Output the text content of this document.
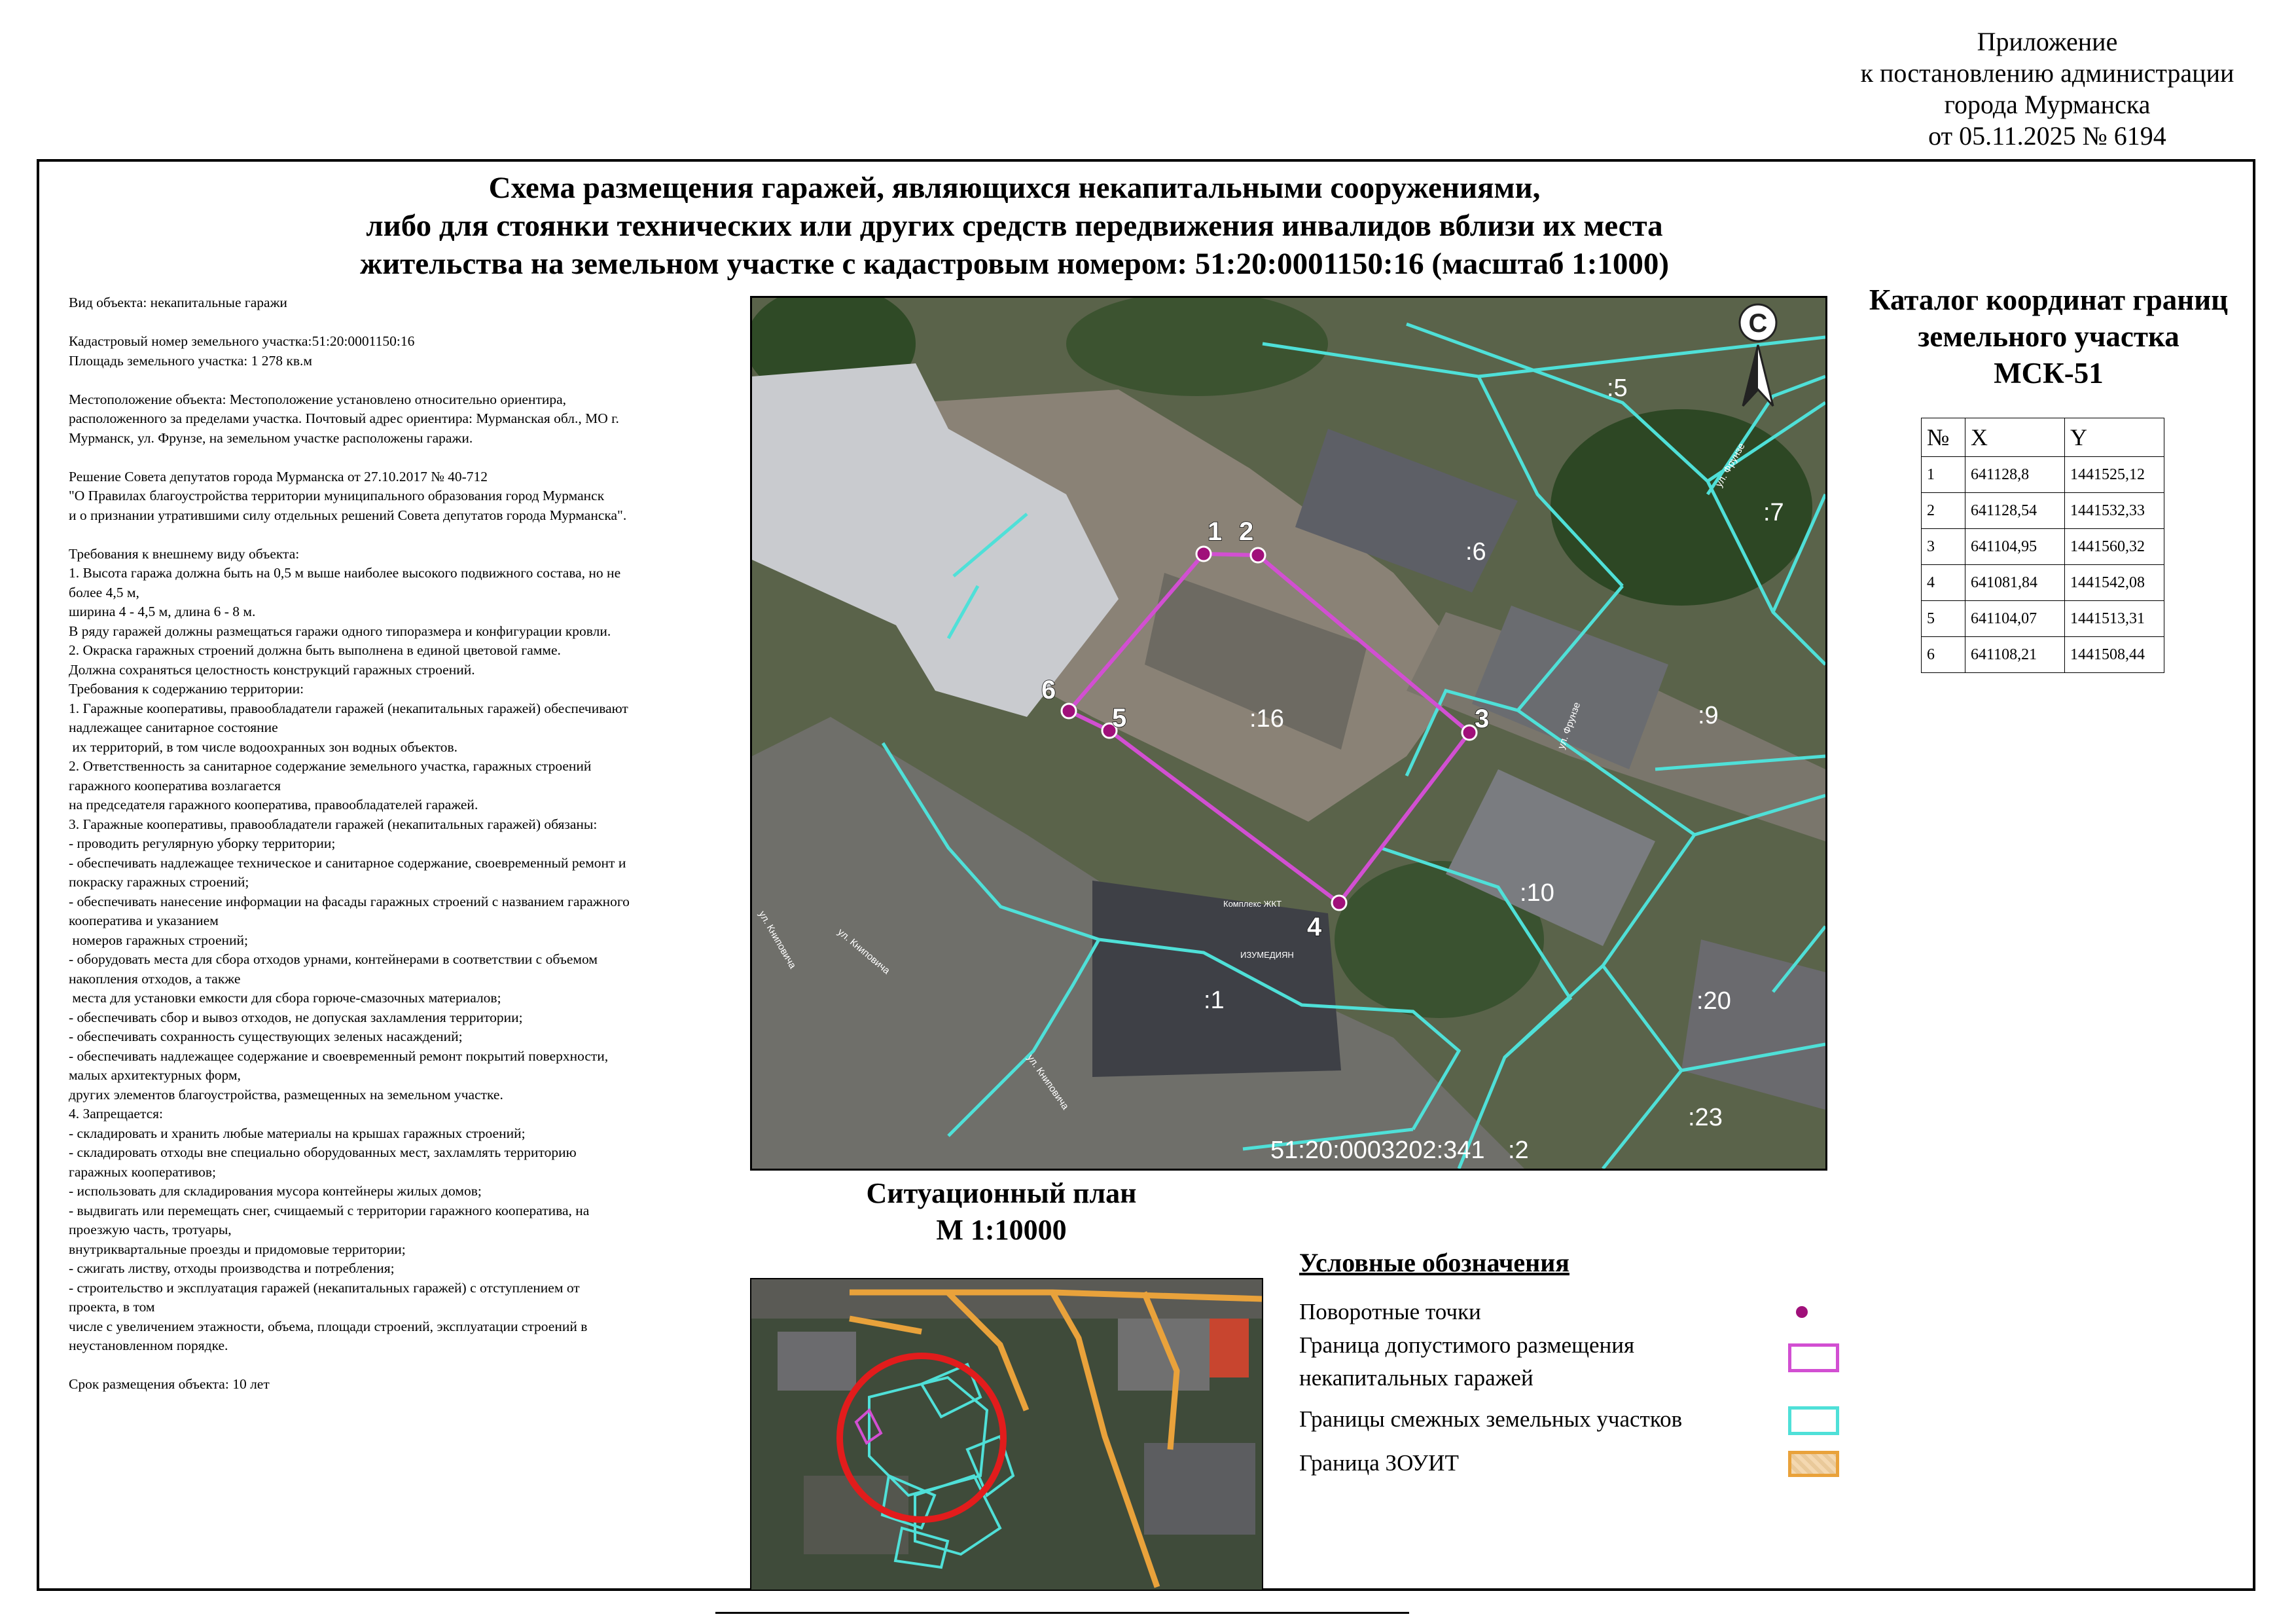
Приложение
к постановлению администрации
города Мурманска
от 05.11.2025 № 6194
Схема размещения гаражей, являющихся некапитальными сооружениями,
либо для стоянки технических или других средств передвижения инвалидов вблизи их места
жительства на земельном участке с кадастровым номером: 51:20:0001150:16 (масштаб 1:1000)
Вид объекта: некапитальные гаражи
Кадастровый номер земельного участка:51:20:0001150:16
Площадь земельного участка: 1 278 кв.м
Местоположение объекта: Местоположение установлено относительно ориентира,
расположенного за пределами участка. Почтовый адрес ориентира: Мурманская обл., МО г.
Мурманск, ул. Фрунзе, на земельном участке расположены гаражи.
Решение Совета депутатов города Мурманска от 27.10.2017 № 40-712
"О Правилах благоустройства территории муниципального образования город Мурманск
и о признании утратившими силу отдельных решений Совета депутатов города Мурманска".
Требования к внешнему виду объекта:
1. Высота гаража должна быть на 0,5 м выше наиболее высокого подвижного состава, но не
более 4,5 м,
ширина 4 - 4,5 м, длина 6 - 8 м.
В ряду гаражей должны размещаться гаражи одного типоразмера и конфигурации кровли.
2. Окраска гаражных строений должна быть выполнена в единой цветовой гамме.
Должна сохраняться целостность конструкций гаражных строений.
Требования к содержанию территории:
1. Гаражные кооперативы, правообладатели гаражей (некапитальных гаражей) обеспечивают
надлежащее санитарное состояние
их территорий, в том числе водоохранных зон водных объектов.
2. Ответственность за санитарное содержание земельного участка, гаражных строений
гаражного кооператива возлагается
на председателя гаражного кооператива, правообладателей гаражей.
3. Гаражные кооперативы, правообладатели гаражей (некапитальных гаражей) обязаны:
- проводить регулярную уборку территории;
- обеспечивать надлежащее техническое и санитарное содержание, своевременный ремонт и
покраску гаражных строений;
- обеспечивать нанесение информации на фасады гаражных строений с названием гаражного
кооператива и указанием
номеров гаражных строений;
- оборудовать места для сбора отходов урнами, контейнерами в соответствии с объемом
накопления отходов, а также
места для установки емкости для сбора горюче-смазочных материалов;
- обеспечивать сбор и вывоз отходов, не допуская захламления территории;
- обеспечивать сохранность существующих зеленых насаждений;
- обеспечивать надлежащее содержание и своевременный ремонт покрытий поверхности,
малых архитектурных форм,
других элементов благоустройства, размещенных на земельном участке.
4. Запрещается:
- складировать и хранить любые материалы на крышах гаражных строений;
- складировать отходы вне специально оборудованных мест, захламлять территорию
гаражных кооперативов;
- использовать для складирования мусора контейнеры жилых домов;
- выдвигать или перемещать снег, счищаемый с территории гаражного кооператива, на
проезжую часть, тротуары,
внутриквартальные проезды и придомовые территории;
- сжигать листву, отходы производства и потребления;
- строительство и эксплуатация гаражей (некапитальных гаражей) с отступлением от
проекта, в том
числе с увеличением этажности, объема, площади строений, эксплуатации строений в
неустановленном порядке.
Срок размещения объекта: 10 лет
1 2
3
4
5
6
:5
:6
:7
:9
:16
:10
:1	:20
:23
ул. Фрунзе
ул. Фрунзе
ул. Книповича	ул. Книповича
ул. Книповича
Комплекс ЖКТ
ИЗУМЕДИЯН
51:20:0003202:341 :2
С
Каталог координат границ
земельного участка
МСК-51
№	X	Y
1	641128,8	1441525,12
2	641128,54	1441532,33
3	641104,95	1441560,32
4	641081,84	1441542,08
5	641104,07	1441513,31
6	641108,21	1441508,44
Ситуационный план
М 1:10000
Условные обозначения
Поворотные точки
Граница допустимого размещения
некапитальных гаражей
Границы смежных земельных участков
Граница ЗОУИТ
